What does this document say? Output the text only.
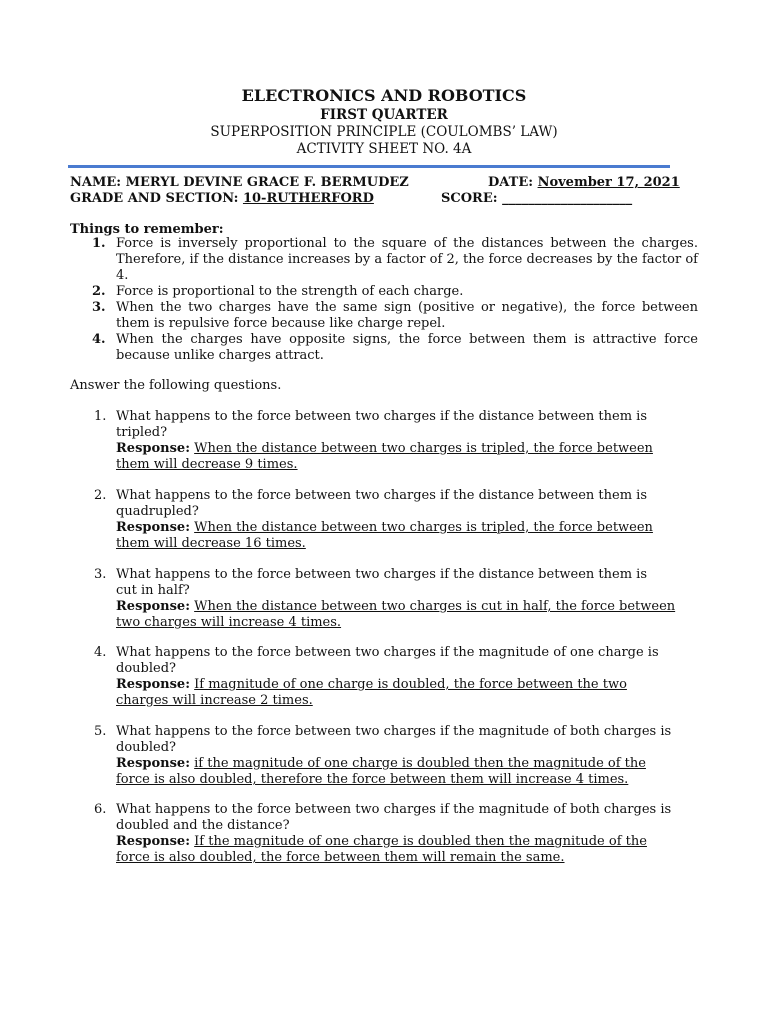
ELECTRONICS AND ROBOTICS
FIRST QUARTER
SUPERPOSITION PRINCIPLE (COULOMBS’ LAW)
ACTIVITY SHEET NO. 4A
NAME: MERYL DEVINE GRACE F. BERMUDEZ	DATE: November 17, 2021
GRADE AND SECTION: 10-RUTHERFORD	SCORE: ____________________
Things to remember:
1. Force is inversely proportional to the square of the distances between the charges. Therefore, if the distance increases by a factor of 2, the force decreases by the factor of 4.
2. Force is proportional to the strength of each charge.
3. When the two charges have the same sign (positive or negative), the force between them is repulsive force because like charge repel.
4. When the charges have opposite signs, the force between them is attractive force because unlike charges attract.
Answer the following questions.
1. What happens to the force between two charges if the distance between them is tripled?
Response: When the distance between two charges is tripled, the force between them will decrease 9 times.
2. What happens to the force between two charges if the distance between them is quadrupled?
Response: When the distance between two charges is tripled, the force between them will decrease 16 times.
3. What happens to the force between two charges if the distance between them is cut in half?
Response: When the distance between two charges is cut in half, the force between two charges will increase 4 times.
4. What happens to the force between two charges if the magnitude of one charge is doubled?
Response: If magnitude of one charge is doubled, the force between the two charges will increase 2 times.
5. What happens to the force between two charges if the magnitude of both charges is doubled?
Response: if the magnitude of one charge is doubled then the magnitude of the force is also doubled, therefore the force between them will increase 4 times.
6. What happens to the force between two charges if the magnitude of both charges is doubled and the distance?
Response: If the magnitude of one charge is doubled then the magnitude of the force is also doubled, the force between them will remain the same.
